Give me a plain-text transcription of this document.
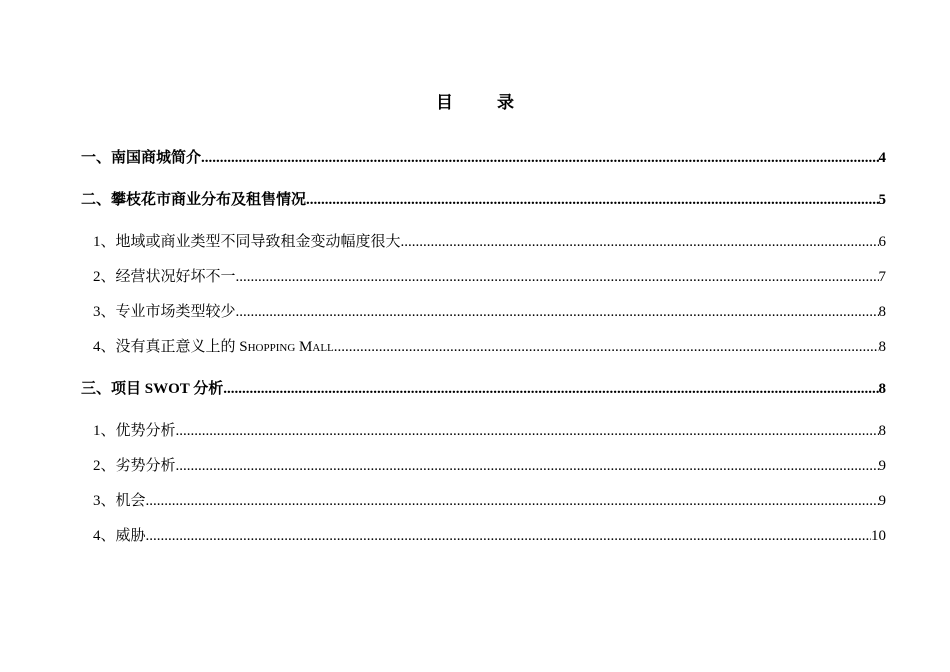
目	录
一、南国商城简介 .....	4
二、攀枝花市商业分布及租售情况 .....	5
1、地域或商业类型不同导致租金变动幅度很大 .....	6
2、经营状况好坏不一 .....	7
3、专业市场类型较少 .....	8
4、没有真正意义上的 Shopping Mall .....	8
三、项目 SWOT 分析 .....	8
1、优势分析 .....	8
2、劣势分析 .....	9
3、机会 .....	9
4、威胁 .....	10
